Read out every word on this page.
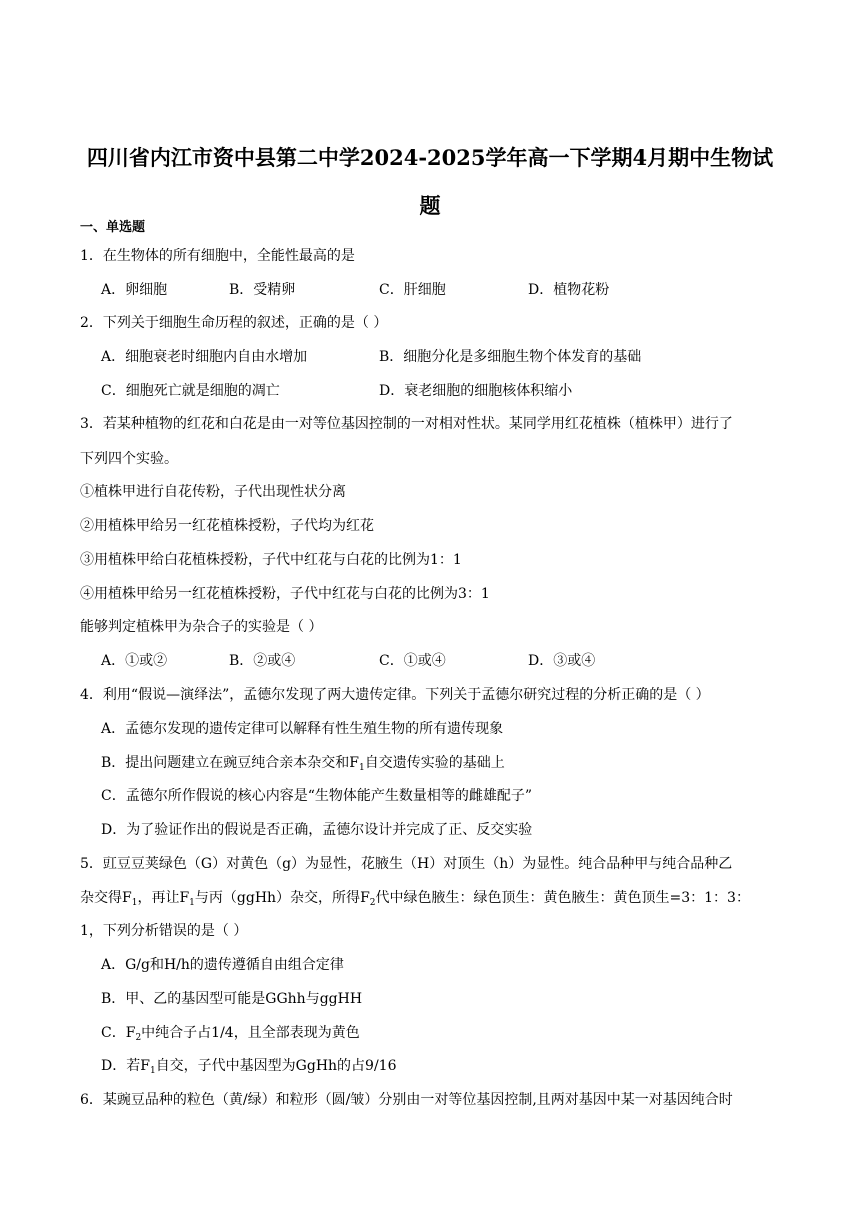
四川省内江市资中县第二中学2024-2025学年高一下学期4月期中生物试
题
一、单选题
1．在生物体的所有细胞中，全能性最高的是
A．卵细胞	B．受精卵	C．肝细胞	D．植物花粉
2．下列关于细胞生命历程的叙述，正确的是（ ）
A．细胞衰老时细胞内自由水增加	B．细胞分化是多细胞生物个体发育的基础
C．细胞死亡就是细胞的凋亡	D．衰老细胞的细胞核体积缩小
3．若某种植物的红花和白花是由一对等位基因控制的一对相对性状。某同学用红花植株（植株甲）进行了
下列四个实验。
①植株甲进行自花传粉，子代出现性状分离
②用植株甲给另一红花植株授粉，子代均为红花
③用植株甲给白花植株授粉，子代中红花与白花的比例为1：1
④用植株甲给另一红花植株授粉，子代中红花与白花的比例为3：1
能够判定植株甲为杂合子的实验是（ ）
A．①或②	B．②或④	C．①或④	D．③或④
4．利用“假说—演绎法”，孟德尔发现了两大遗传定律。下列关于孟德尔研究过程的分析正确的是（ ）
A．孟德尔发现的遗传定律可以解释有性生殖生物的所有遗传现象
B．提出问题建立在豌豆纯合亲本杂交和$F_1$自交遗传实验的基础上
C．孟德尔所作假说的核心内容是“生物体能产生数量相等的雌雄配子”
D．为了验证作出的假说是否正确，孟德尔设计并完成了正、反交实验
5．豇豆豆荚绿色（G）对黄色（g）为显性，花腋生（H）对顶生（h）为显性。纯合品种甲与纯合品种乙
杂交得$F_1$，再让$F_1$与丙（ggHh）杂交，所得$F_2$代中绿色腋生：绿色顶生：黄色腋生：黄色顶生=3：1：3：
1，下列分析错误的是（ ）
A．G/g和H/h的遗传遵循自由组合定律
B．甲、乙的基因型可能是GGhh与ggHH
C．$F_2$中纯合子占1/4，且全部表现为黄色
D．若$F_1$自交，子代中基因型为GgHh的占9/16
6．某豌豆品种的粒色（黄/绿）和粒形（圆/皱）分别由一对等位基因控制,且两对基因中某一对基因纯合时
